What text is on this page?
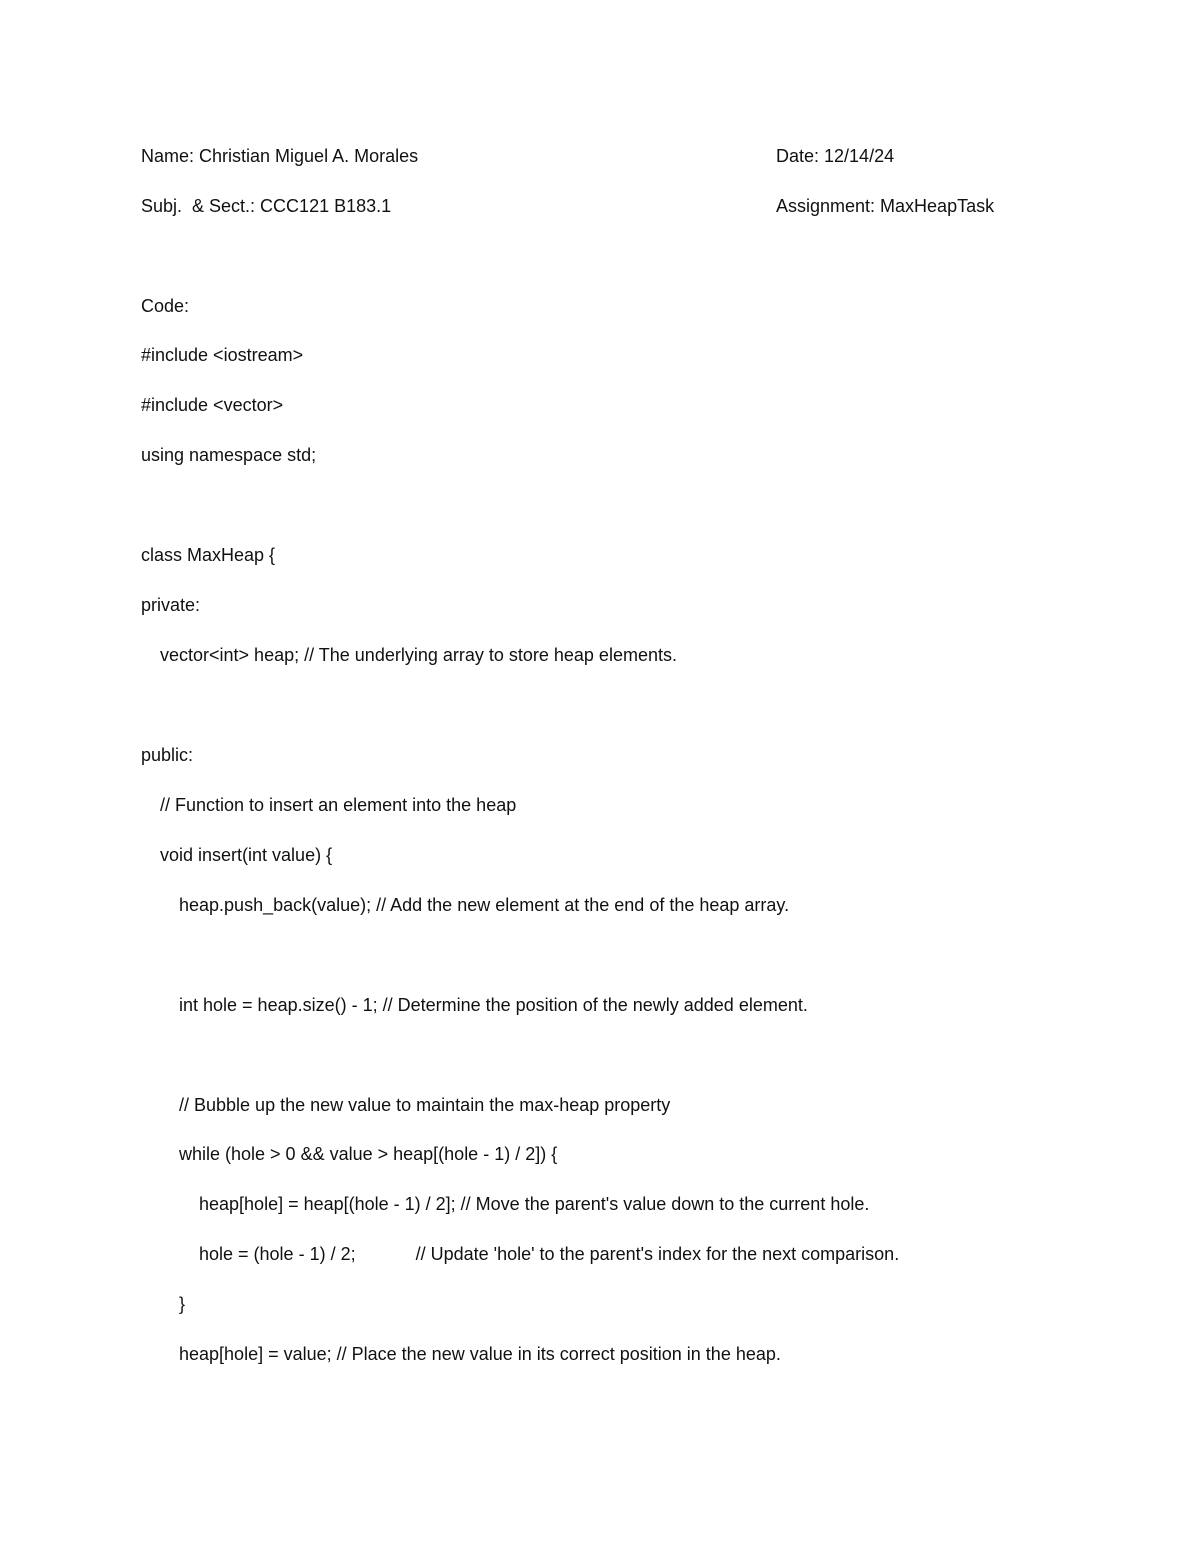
Name: Christian Miguel A. Morales	Date: 12/14/24
Subj.  & Sect.: CCC121 B183.1	Assignment: MaxHeapTask
Code:
#include <iostream>
#include <vector>
using namespace std;
class MaxHeap {
private:
vector<int> heap; // The underlying array to store heap elements.
public:
// Function to insert an element into the heap
void insert(int value) {
heap.push_back(value); // Add the new element at the end of the heap array.
int hole = heap.size() - 1; // Determine the position of the newly added element.
// Bubble up the new value to maintain the max-heap property
while (hole > 0 && value > heap[(hole - 1) / 2]) {
heap[hole] = heap[(hole - 1) / 2]; // Move the parent's value down to the current hole.
hole = (hole - 1) / 2;            // Update 'hole' to the parent's index for the next comparison.
}
heap[hole] = value; // Place the new value in its correct position in the heap.
